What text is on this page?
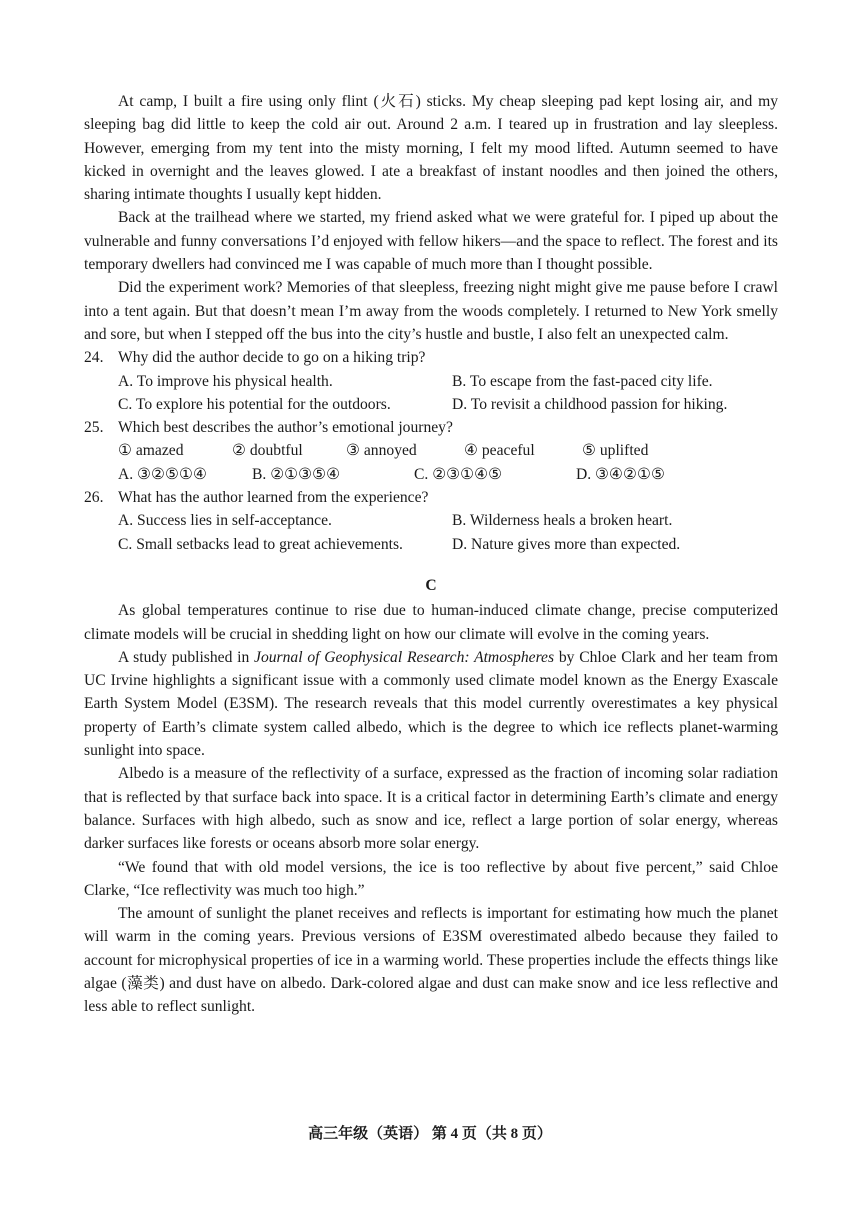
At camp, I built a fire using only flint (火石) sticks. My cheap sleeping pad kept losing air, and my sleeping bag did little to keep the cold air out. Around 2 a.m. I teared up in frustration and lay sleepless. However, emerging from my tent into the misty morning, I felt my mood lifted. Autumn seemed to have kicked in overnight and the leaves glowed. I ate a breakfast of instant noodles and then joined the others, sharing intimate thoughts I usually kept hidden.

Back at the trailhead where we started, my friend asked what we were grateful for. I piped up about the vulnerable and funny conversations I’d enjoyed with fellow hikers—and the space to reflect. The forest and its temporary dwellers had convinced me I was capable of much more than I thought possible.

Did the experiment work? Memories of that sleepless, freezing night might give me pause before I crawl into a tent again. But that doesn’t mean I’m away from the woods completely. I returned to New York smelly and sore, but when I stepped off the bus into the city’s hustle and bustle, I also felt an unexpected calm.

24. Why did the author decide to go on a hiking trip?
A. To improve his physical health.	B. To escape from the fast-paced city life.
C. To explore his potential for the outdoors.	D. To revisit a childhood passion for hiking.
25. Which best describes the author’s emotional journey?
① amazed	② doubtful	③ annoyed	④ peaceful	⑤ uplifted
A. ③②⑤①④	B. ②①③⑤④	C. ②③①④⑤	D. ③④②①⑤
26. What has the author learned from the experience?
A. Success lies in self-acceptance.	B. Wilderness heals a broken heart.
C. Small setbacks lead to great achievements.	D. Nature gives more than expected.
C

As global temperatures continue to rise due to human-induced climate change, precise computerized climate models will be crucial in shedding light on how our climate will evolve in the coming years.

A study published in Journal of Geophysical Research: Atmospheres by Chloe Clark and her team from UC Irvine highlights a significant issue with a commonly used climate model known as the Energy Exascale Earth System Model (E3SM). The research reveals that this model currently overestimates a key physical property of Earth’s climate system called albedo, which is the degree to which ice reflects planet-warming sunlight into space.

Albedo is a measure of the reflectivity of a surface, expressed as the fraction of incoming solar radiation that is reflected by that surface back into space. It is a critical factor in determining Earth’s climate and energy balance. Surfaces with high albedo, such as snow and ice, reflect a large portion of solar energy, whereas darker surfaces like forests or oceans absorb more solar energy.

“We found that with old model versions, the ice is too reflective by about five percent,” said Chloe Clarke, “Ice reflectivity was much too high.”

The amount of sunlight the planet receives and reflects is important for estimating how much the planet will warm in the coming years. Previous versions of E3SM overestimated albedo because they failed to account for microphysical properties of ice in a warming world. These properties include the effects things like algae (藻类) and dust have on albedo. Dark-colored algae and dust can make snow and ice less reflective and less able to reflect sunlight.

高三年级（英语） 第 4 页（共 8 页）
